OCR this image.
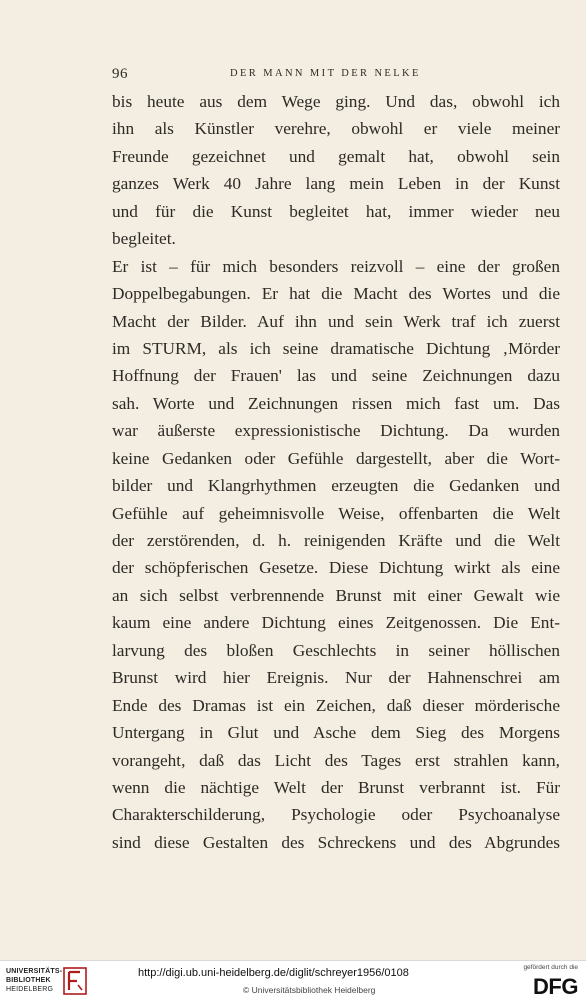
96	DER MANN MIT DER NELKE
bis heute aus dem Wege ging. Und das, obwohl ich
ihn als Künstler verehre, obwohl er viele meiner
Freunde gezeichnet und gemalt hat, obwohl sein
ganzes Werk 40 Jahre lang mein Leben in der Kunst
und für die Kunst begleitet hat, immer wieder neu
begleitet.
Er ist – für mich besonders reizvoll – eine der großen
Doppelbegabungen. Er hat die Macht des Wortes und die
Macht der Bilder. Auf ihn und sein Werk traf ich zuerst
im STURM, als ich seine dramatische Dichtung ‚Mörder
Hoffnung der Frauen' las und seine Zeichnungen dazu
sah. Worte und Zeichnungen rissen mich fast um. Das
war äußerste expressionistische Dichtung. Da wurden
keine Gedanken oder Gefühle dargestellt, aber die Wort-
bilder und Klangrhythmen erzeugten die Gedanken und
Gefühle auf geheimnisvolle Weise, offenbarten die Welt
der zerstörenden, d. h. reinigenden Kräfte und die Welt
der schöpferischen Gesetze. Diese Dichtung wirkt als eine
an sich selbst verbrennende Brunst mit einer Gewalt wie
kaum eine andere Dichtung eines Zeitgenossen. Die Ent-
larvung des bloßen Geschlechts in seiner höllischen
Brunst wird hier Ereignis. Nur der Hahnenschrei am
Ende des Dramas ist ein Zeichen, daß dieser mörderische
Untergang in Glut und Asche dem Sieg des Morgens
vorangeht, daß das Licht des Tages erst strahlen kann,
wenn die nächtige Welt der Brunst verbrannt ist. Für
Charakterschilderung, Psychologie oder Psychoanalyse
sind diese Gestalten des Schreckens und des Abgrundes
UNIVERSITÄTS-
BIBLIOTHEK
HEIDELBERG
http://digi.ub.uni-heidelberg.de/diglit/schreyer1956/0108
© Universitätsbibliothek Heidelberg
gefördert durch die
DFG
